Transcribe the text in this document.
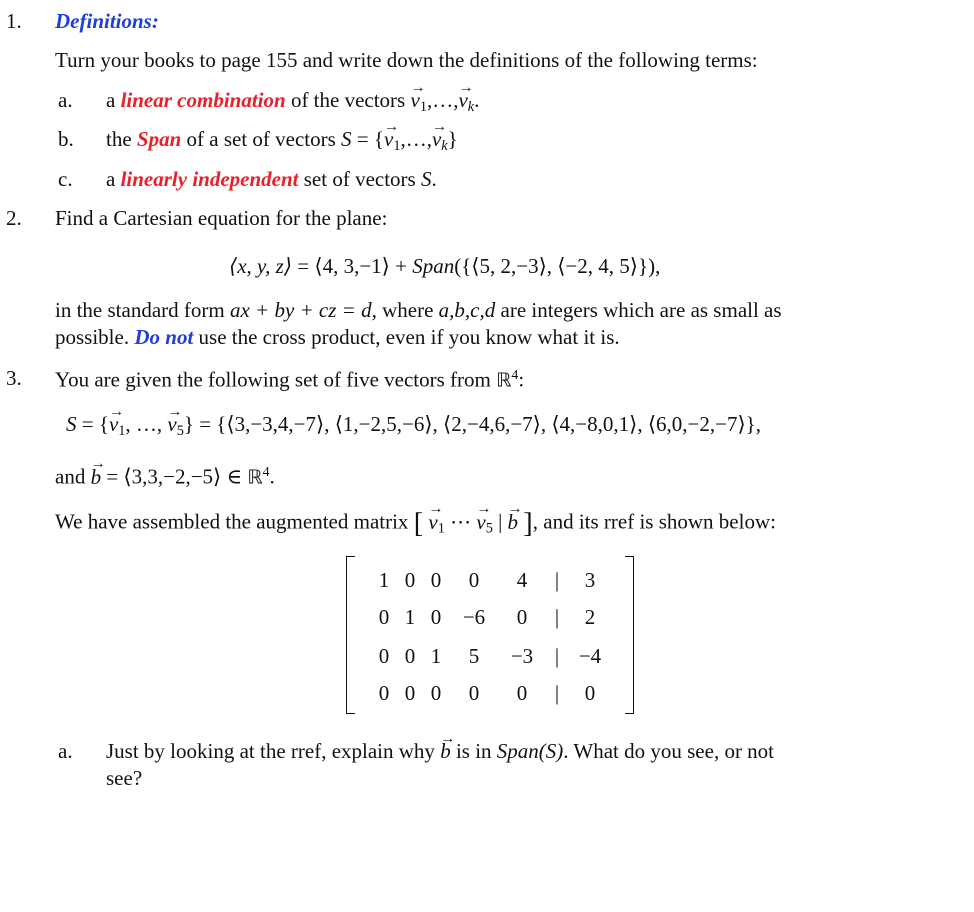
1. Definitions:
Turn your books to page 155 and write down the definitions of the following terms:
a. a linear combination of the vectors → $v_1,\dots,\to v_k$.
b. the Span of a set of vectors S = {→ $v_1,\dots,\to v_k$}
c. a linearly independent set of vectors S.
2. Find a Cartesian equation for the plane:
⟨x, y, z⟩ = ⟨4, 3,−1⟩ + Span({⟨5, 2,−3⟩, ⟨−2, 4, 5⟩}),
in the standard form ax + by + cz = d, where a,b,c,d are integers which are as small as
possible. Do not use the cross product, even if you know what it is.
3. You are given the following set of five vectors from ℝ$^4$:
S = {→ $v_1$, …, → $v_5$} = {⟨3,−3,4,−7⟩, ⟨1,−2,5,−6⟩, ⟨2,−4,6,−7⟩, ⟨4,−8,0,1⟩, ⟨6,0,−2,−7⟩},
and → b = ⟨3,3,−2,−5⟩ ∈ ℝ$^4$.
We have assembled the augmented matrix [ → $v_1$ ⋯ → $v_5$ | → b ], and its rref is shown below:
1 0 0	0	4	|	3
0 1 0	−6	0	|	2
0 0 1	5	−3 | −4
0 0 0	0	0	|	0
a. Just by looking at the rref, explain why → b is in Span(S). What do you see, or not
see?
